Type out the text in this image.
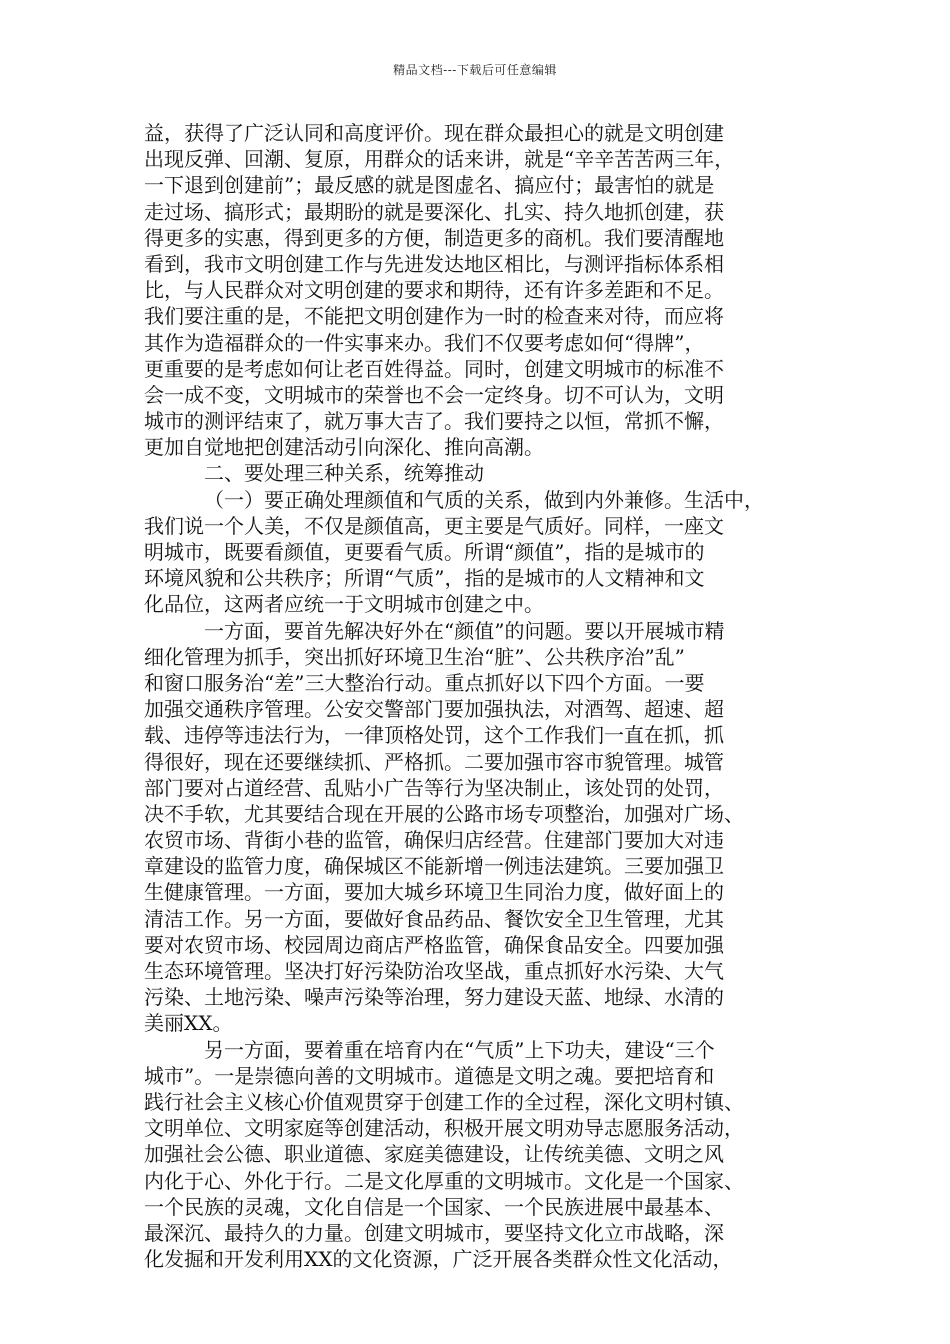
精品文档---下载后可任意编辑
益，获得了广泛认同和高度评价。现在群众最担心的就是文明创建
出现反弹、回潮、复原，用群众的话来讲，就是“辛辛苦苦两三年，
一下退到创建前”；最反感的就是图虚名、搞应付；最害怕的就是
走过场、搞形式；最期盼的就是要深化、扎实、持久地抓创建，获
得更多的实惠，得到更多的方便，制造更多的商机。我们要清醒地
看到，我市文明创建工作与先进发达地区相比，与测评指标体系相
比，与人民群众对文明创建的要求和期待，还有许多差距和不足。
我们要注重的是，不能把文明创建作为一时的检查来对待，而应将
其作为造福群众的一件实事来办。我们不仅要考虑如何“得牌”，
更重要的是考虑如何让老百姓得益。同时，创建文明城市的标准不
会一成不变，文明城市的荣誉也不会一定终身。切不可认为，文明
城市的测评结束了，就万事大吉了。我们要持之以恒，常抓不懈，
更加自觉地把创建活动引向深化、推向高潮。
二、要处理三种关系，统筹推动
（一）要正确处理颜值和气质的关系，做到内外兼修。生活中，
我们说一个人美，不仅是颜值高，更主要是气质好。同样，一座文
明城市，既要看颜值，更要看气质。所谓“颜值”，指的是城市的
环境风貌和公共秩序；所谓“气质”，指的是城市的人文精神和文
化品位，这两者应统一于文明城市创建之中。
一方面，要首先解决好外在“颜值”的问题。要以开展城市精
细化管理为抓手，突出抓好环境卫生治“脏”、公共秩序治”乱”
和窗口服务治“差”三大整治行动。重点抓好以下四个方面。一要
加强交通秩序管理。公安交警部门要加强执法，对酒驾、超速、超
载、违停等违法行为，一律顶格处罚，这个工作我们一直在抓，抓
得很好，现在还要继续抓、严格抓。二要加强市容市貌管理。城管
部门要对占道经营、乱贴小广告等行为坚决制止，该处罚的处罚，
决不手软，尤其要结合现在开展的公路市场专项整治，加强对广场、
农贸市场、背街小巷的监管，确保归店经营。住建部门要加大对违
章建设的监管力度，确保城区不能新增一例违法建筑。三要加强卫
生健康管理。一方面，要加大城乡环境卫生同治力度，做好面上的
清洁工作。另一方面，要做好食品药品、餐饮安全卫生管理，尤其
要对农贸市场、校园周边商店严格监管，确保食品安全。四要加强
生态环境管理。坚决打好污染防治攻坚战，重点抓好水污染、大气
污染、土地污染、噪声污染等治理，努力建设天蓝、地绿、水清的
美丽XX。
另一方面，要着重在培育内在“气质”上下功夫，建设“三个
城市”。一是崇德向善的文明城市。道德是文明之魂。要把培育和
践行社会主义核心价值观贯穿于创建工作的全过程，深化文明村镇、
文明单位、文明家庭等创建活动，积极开展文明劝导志愿服务活动，
加强社会公德、职业道德、家庭美德建设，让传统美德、文明之风
内化于心、外化于行。二是文化厚重的文明城市。文化是一个国家、
一个民族的灵魂，文化自信是一个国家、一个民族进展中最基本、
最深沉、最持久的力量。创建文明城市，要坚持文化立市战略，深
化发掘和开发利用XX的文化资源，广泛开展各类群众性文化活动，
